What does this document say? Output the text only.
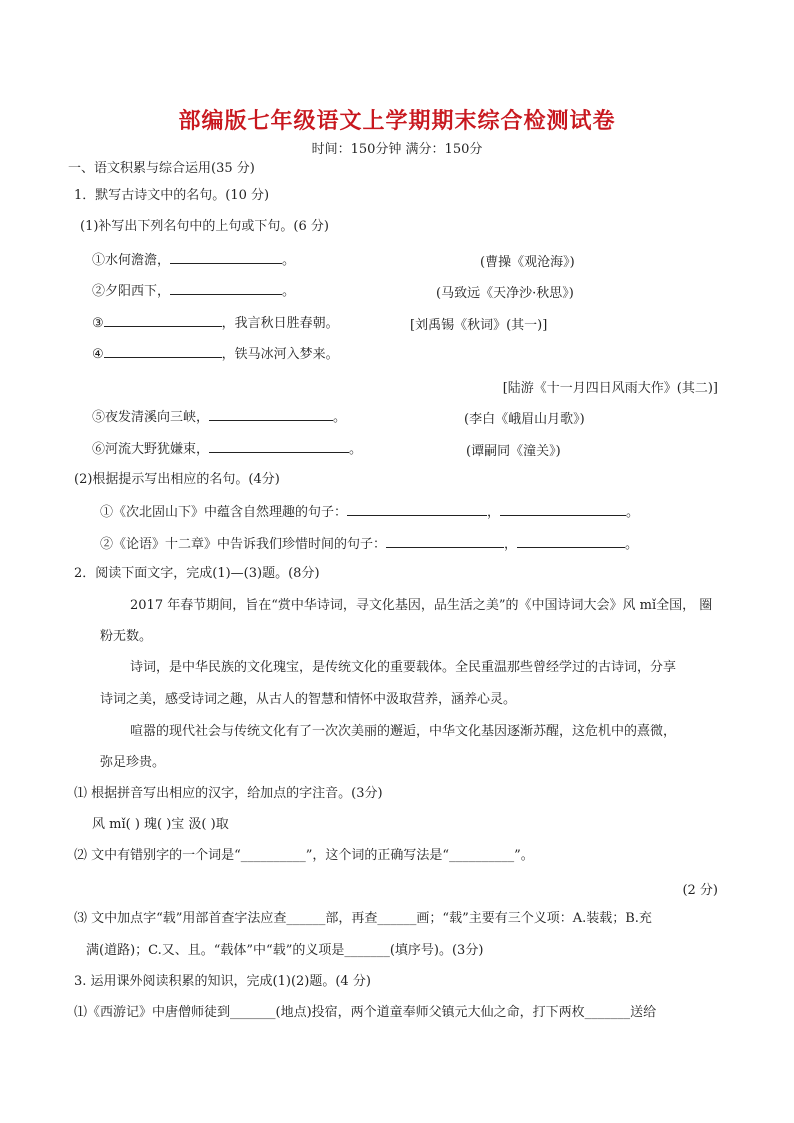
部编版七年级语文上学期期末综合检测试卷
时间：150分钟 满分：150分
一、语文积累与综合运用(35 分)
1．默写古诗文中的名句。(10 分)
(1)补写出下列名句中的上句或下句。(6 分)
①水何澹澹，	。	(曹操《观沧海》)
②夕阳西下，	。	(马致远《天净沙·秋思》)
③	，我言秋日胜春朝。	[刘禹锡《秋词》(其一)]
④	，铁马冰河入梦来。
[陆游《十一月四日风雨大作》(其二)]
⑤夜发清溪向三峡，	。	(李白《峨眉山月歌》)
⑥河流大野犹嫌束，	。	(谭嗣同《潼关》)
(2)根据提示写出相应的名句。(4分)
①《次北固山下》中蕴含自然理趣的句子：	，	。
②《论语》十二章》中告诉我们珍惜时间的句子：	，	。
2．阅读下面文字，完成(1)—(3)题。(8分)
2017 年春节期间，旨在“赏中华诗词，寻文化基因，品生活之美”的《中国诗词大会》风 mǐ全国， 圈
粉无数。
诗词，是中华民族的文化瑰宝，是传统文化的重要载体。全民重温那些曾经学过的古诗词，分享
诗词之美，感受诗词之趣，从古人的智慧和情怀中汲取营养，涵养心灵。
喧嚣的现代社会与传统文化有了一次次美丽的邂逅，中华文化基因逐渐苏醒，这危机中的熹微，
弥足珍贵。
⑴ 根据拼音写出相应的汉字，给加点的字注音。(3分)
风 mǐ( ) 瑰( )宝 汲( )取
⑵ 文中有错别字的一个词是“__________”，这个词的正确写法是“__________”。
(2 分)
⑶ 文中加点字“载”用部首查字法应查______部，再查______画；“载”主要有三个义项：A.装载；B.充
满(道路)；C.又、且。“载体”中“载”的义项是_______(填序号)。(3分)
3. 运用课外阅读积累的知识，完成(1)(2)题。(4 分)
⑴《西游记》中唐僧师徒到_______(地点)投宿，两个道童奉师父镇元大仙之命，打下两枚_______送给
